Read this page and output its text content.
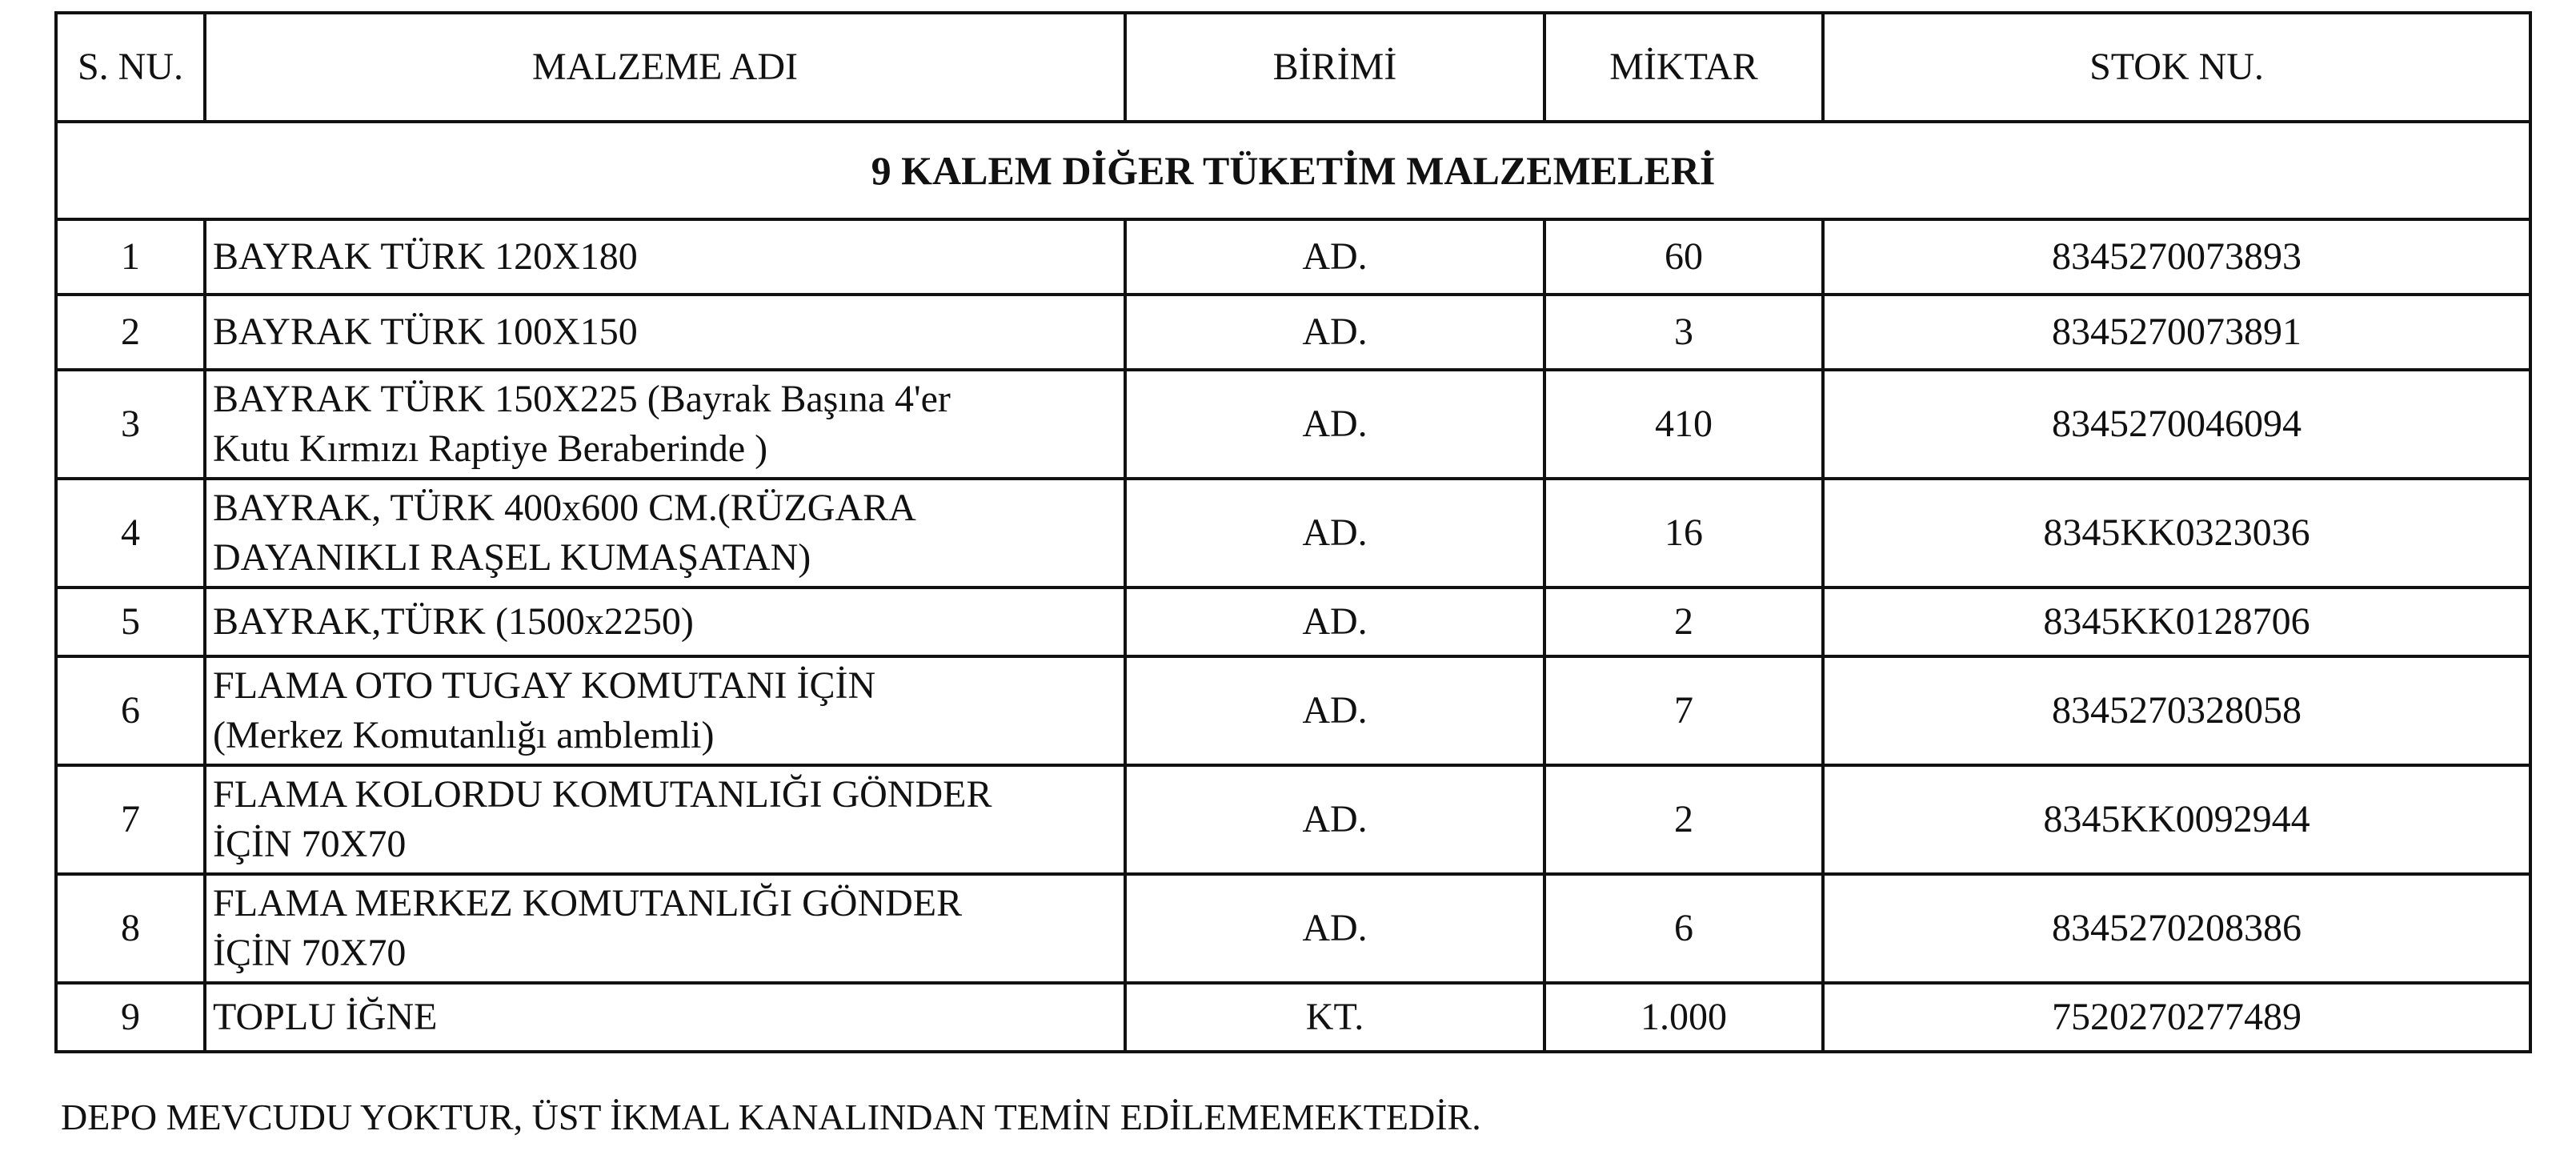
S. NU.	MALZEME ADI	BİRİMİ	MİKTAR	STOK NU.
9 KALEM DİĞER TÜKETİM MALZEMELERİ				
1	BAYRAK TÜRK 120X180	AD.	60	8345270073893
2	BAYRAK TÜRK 100X150	AD.	3	8345270073891
3	BAYRAK TÜRK 150X225 (Bayrak Başına 4'er
Kutu Kırmızı Raptiye Beraberinde )	AD.	410	8345270046094
4	BAYRAK, TÜRK 400x600 CM.(RÜZGARA
DAYANIKLI RAŞEL KUMAŞATAN)	AD.	16	8345KK0323036
5	BAYRAK,TÜRK (1500x2250)	AD.	2	8345KK0128706
6	FLAMA OTO TUGAY KOMUTANI İÇİN
(Merkez Komutanlığı amblemli)	AD.	7	8345270328058
7	FLAMA KOLORDU KOMUTANLIĞI GÖNDER
İÇİN 70X70	AD.	2	8345KK0092944
8	FLAMA MERKEZ KOMUTANLIĞI GÖNDER
İÇİN 70X70	AD.	6	8345270208386
9	TOPLU İĞNE	KT.	1.000	7520270277489
DEPO MEVCUDU YOKTUR, ÜST İKMAL KANALINDAN TEMİN EDİLEMEMEKTEDİR.
